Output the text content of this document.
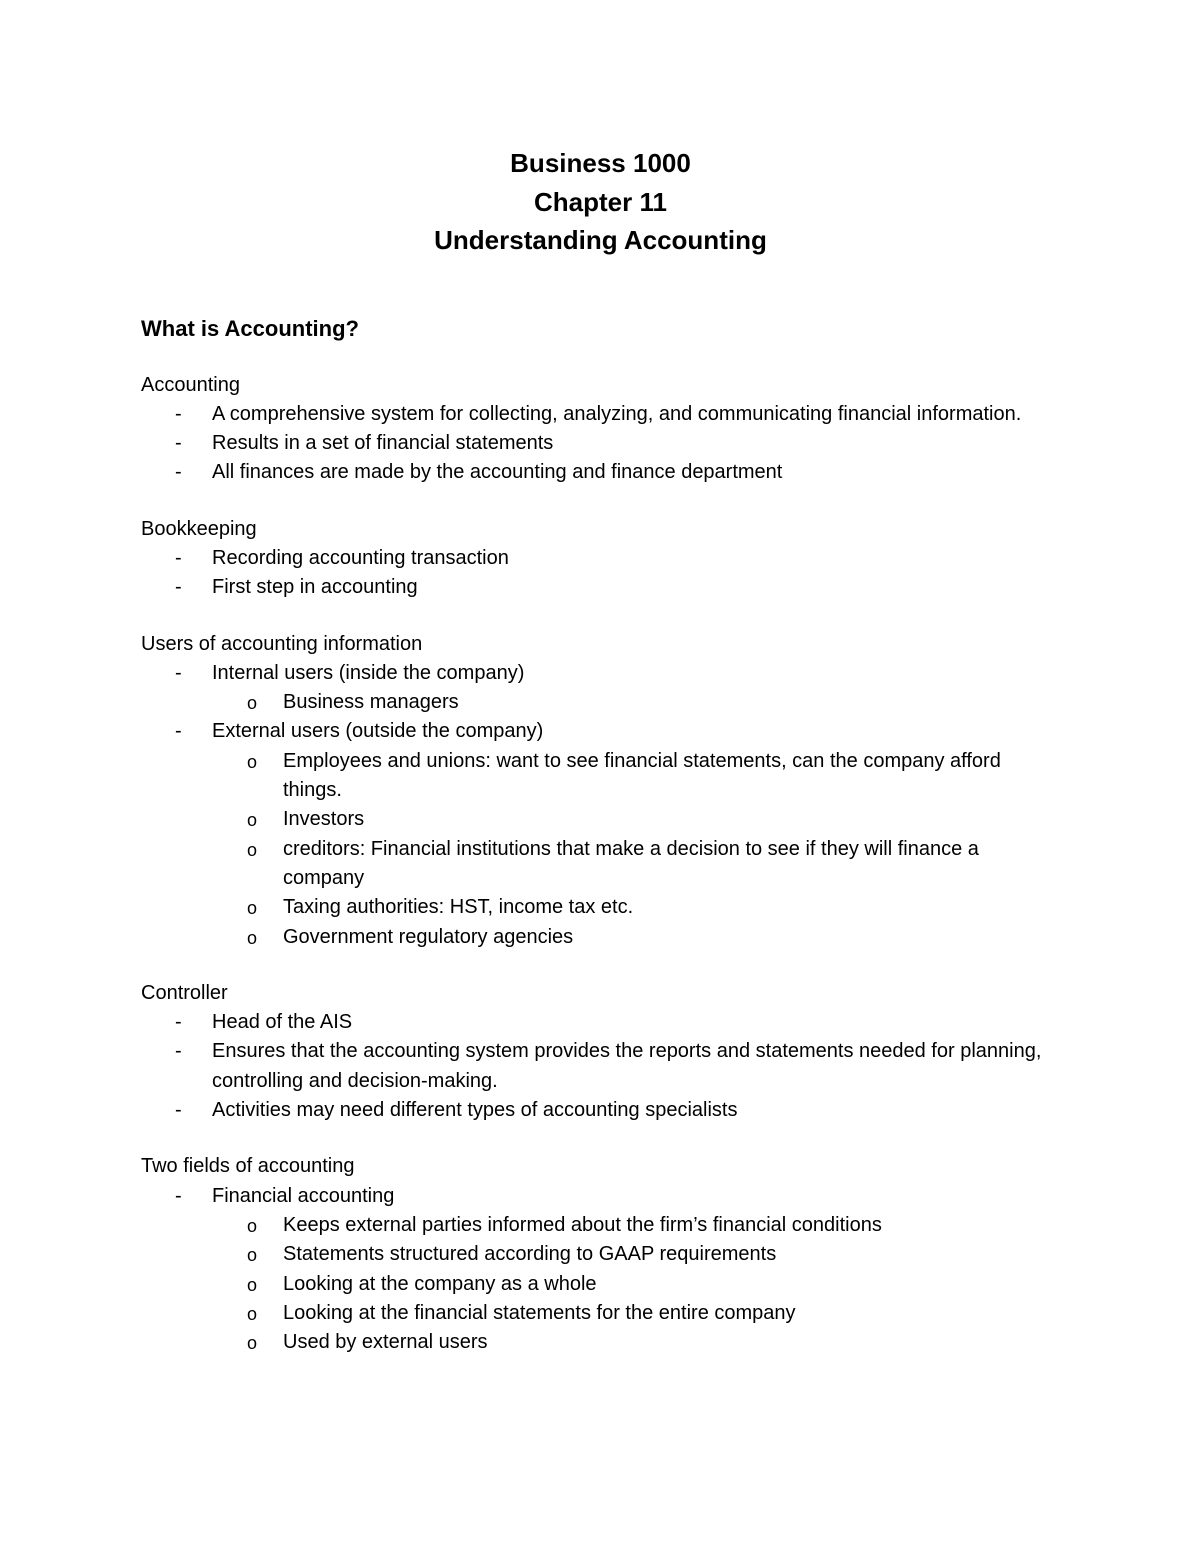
Business 1000
Chapter 11
Understanding Accounting
What is Accounting?
Accounting
- A comprehensive system for collecting, analyzing, and communicating financial information.
- Results in a set of financial statements
- All finances are made by the accounting and finance department
Bookkeeping
- Recording accounting transaction
- First step in accounting
Users of accounting information
- Internal users (inside the company)
o Business managers
- External users (outside the company)
o Employees and unions: want to see financial statements, can the company afford things.
o Investors
o creditors: Financial institutions that make a decision to see if they will finance a company
o Taxing authorities: HST, income tax etc.
o Government regulatory agencies
Controller
- Head of the AIS
- Ensures that the accounting system provides the reports and statements needed for planning, controlling and decision-making.
- Activities may need different types of accounting specialists
Two fields of accounting
- Financial accounting
o Keeps external parties informed about the firm’s financial conditions
o Statements structured according to GAAP requirements
o Looking at the company as a whole
o Looking at the financial statements for the entire company
o Used by external users
